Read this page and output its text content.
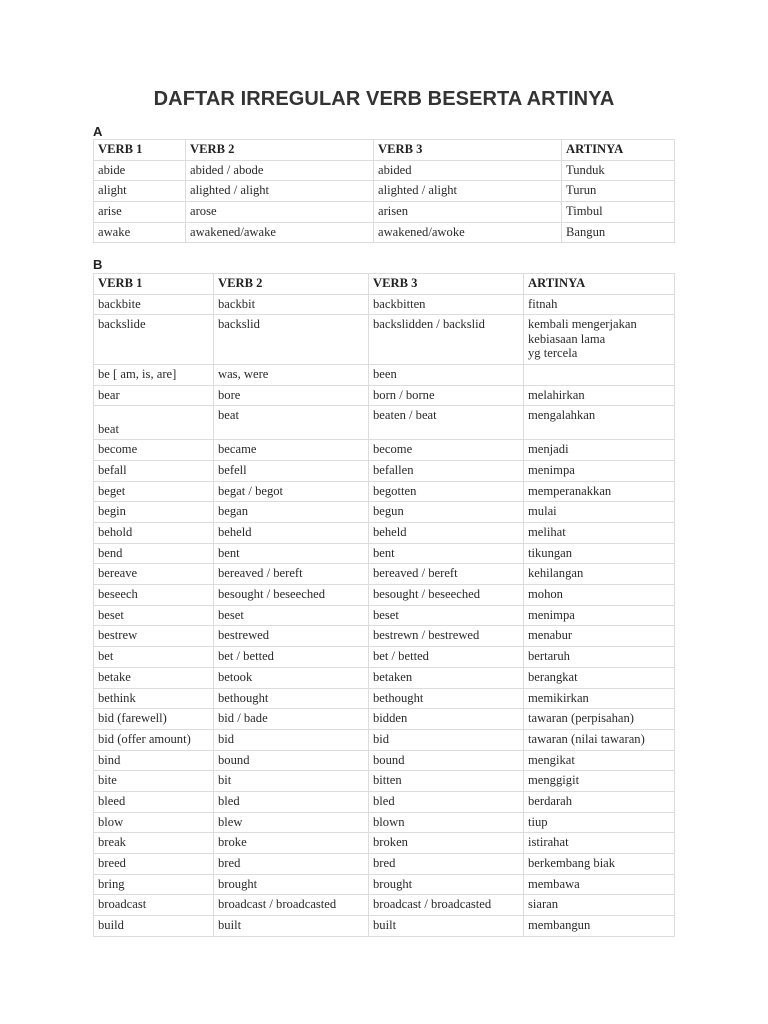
DAFTAR IRREGULAR VERB BESERTA ARTINYA
A
VERB 1	VERB 2	VERB 3	ARTINYA
abide	abided / abode	abided	Tunduk
alight	alighted / alight	alighted / alight	Turun
arise	arose	arisen	Timbul
awake	awakened/awake	awakened/awoke	Bangun
B
VERB 1	VERB 2	VERB 3	ARTINYA
backbite	backbit	backbitten	fitnah
backslide	backslid	backslidden / backslid	kembali mengerjakan
kebiasaan lama
yg tercela
be [ am, is, are]	was, were	been	
bear	bore	born / borne	melahirkan
beat	beat	beaten / beat	mengalahkan
become	became	become	menjadi
befall	befell	befallen	menimpa
beget	begat / begot	begotten	memperanakkan
begin	began	begun	mulai
behold	beheld	beheld	melihat
bend	bent	bent	tikungan
bereave	bereaved / bereft	bereaved / bereft	kehilangan
beseech	besought / beseeched	besought / beseeched	mohon
beset	beset	beset	menimpa
bestrew	bestrewed	bestrewn / bestrewed	menabur
bet	bet / betted	bet / betted	bertaruh
betake	betook	betaken	berangkat
bethink	bethought	bethought	memikirkan
bid (farewell)	bid / bade	bidden	tawaran (perpisahan)
bid (offer amount)	bid	bid	tawaran (nilai tawaran)
bind	bound	bound	mengikat
bite	bit	bitten	menggigit
bleed	bled	bled	berdarah
blow	blew	blown	tiup
break	broke	broken	istirahat
breed	bred	bred	berkembang biak
bring	brought	brought	membawa
broadcast	broadcast / broadcasted	broadcast / broadcasted	siaran
build	built	built	membangun
